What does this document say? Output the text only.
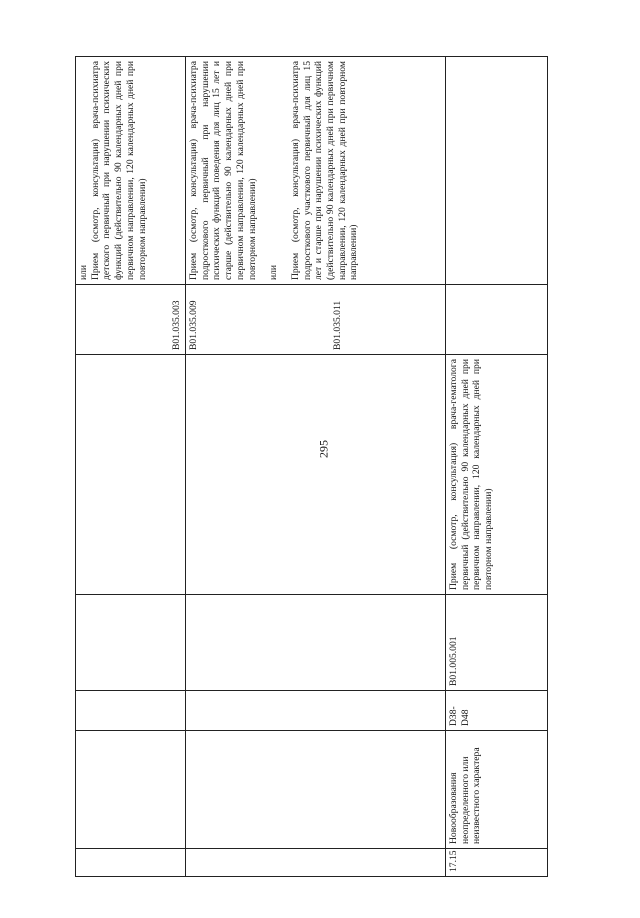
295

					B01.035.003	или Прием (осмотр, консультация) врача-психиатра детского первичный при нарушении психических функций (действительно 90 календарных дней при первичном направлении, 120 календарных дней при повторном направлении)

					B01.035.009 B01.035.011	Прием (осмотр, консультация) врача-психиатра подросткового первичный при нарушении психических функций поведения для лиц 15 лет и старше (действительно 90 календарных дней при первичном направлении, 120 календарных дней при повторном направлении) или Прием (осмотр, консультация) врача-психиатра подросткового участкового первичный для лиц 15 лет и старше при нарушении психических функций (действительно 90 календарных дней при первичном направлении, 120 календарных дней при повторном направлении)

17.15	Новообразования неопределенного или неизвестного характера	D38-D48	B01.005.001	Прием (осмотр, консультация) врача-гематолога первичный (действительно 90 календарных дней при первичном направлении, 120 календарных дней при повторном направлении)		
